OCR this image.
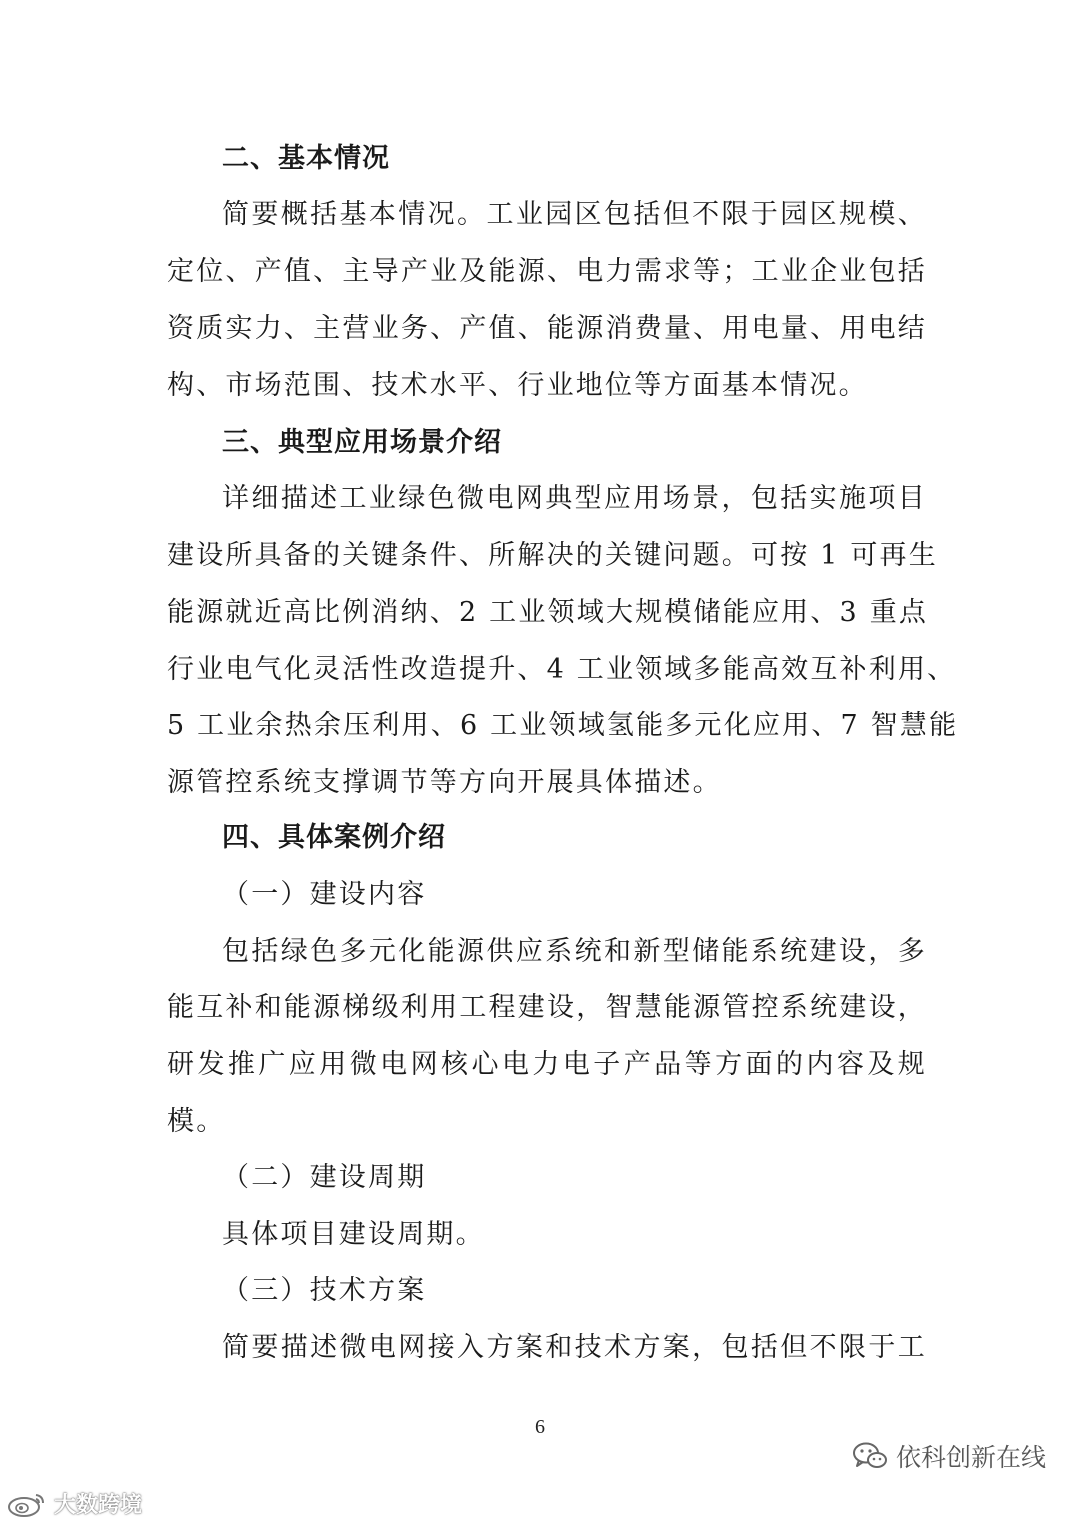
二、基本情况
简要概括基本情况。工业园区包括但不限于园区规模、
定位、产值、主导产业及能源、电力需求等；工业企业包括
资质实力、主营业务、产值、能源消费量、用电量、用电结
构、市场范围、技术水平、行业地位等方面基本情况。
三、典型应用场景介绍
详细描述工业绿色微电网典型应用场景，包括实施项目
建设所具备的关键条件、所解决的关键问题。可按 1 可再生
能源就近高比例消纳、2 工业领域大规模储能应用、3 重点
行业电气化灵活性改造提升、4 工业领域多能高效互补利用、
5 工业余热余压利用、6 工业领域氢能多元化应用、7 智慧能
源管控系统支撑调节等方向开展具体描述。
四、具体案例介绍
（一）建设内容
包括绿色多元化能源供应系统和新型储能系统建设，多
能互补和能源梯级利用工程建设，智慧能源管控系统建设，
研发推广应用微电网核心电力电子产品等方面的内容及规
模。
（二）建设周期
具体项目建设周期。
（三）技术方案
简要描述微电网接入方案和技术方案，包括但不限于工
6
依科创新在线
大数跨境
